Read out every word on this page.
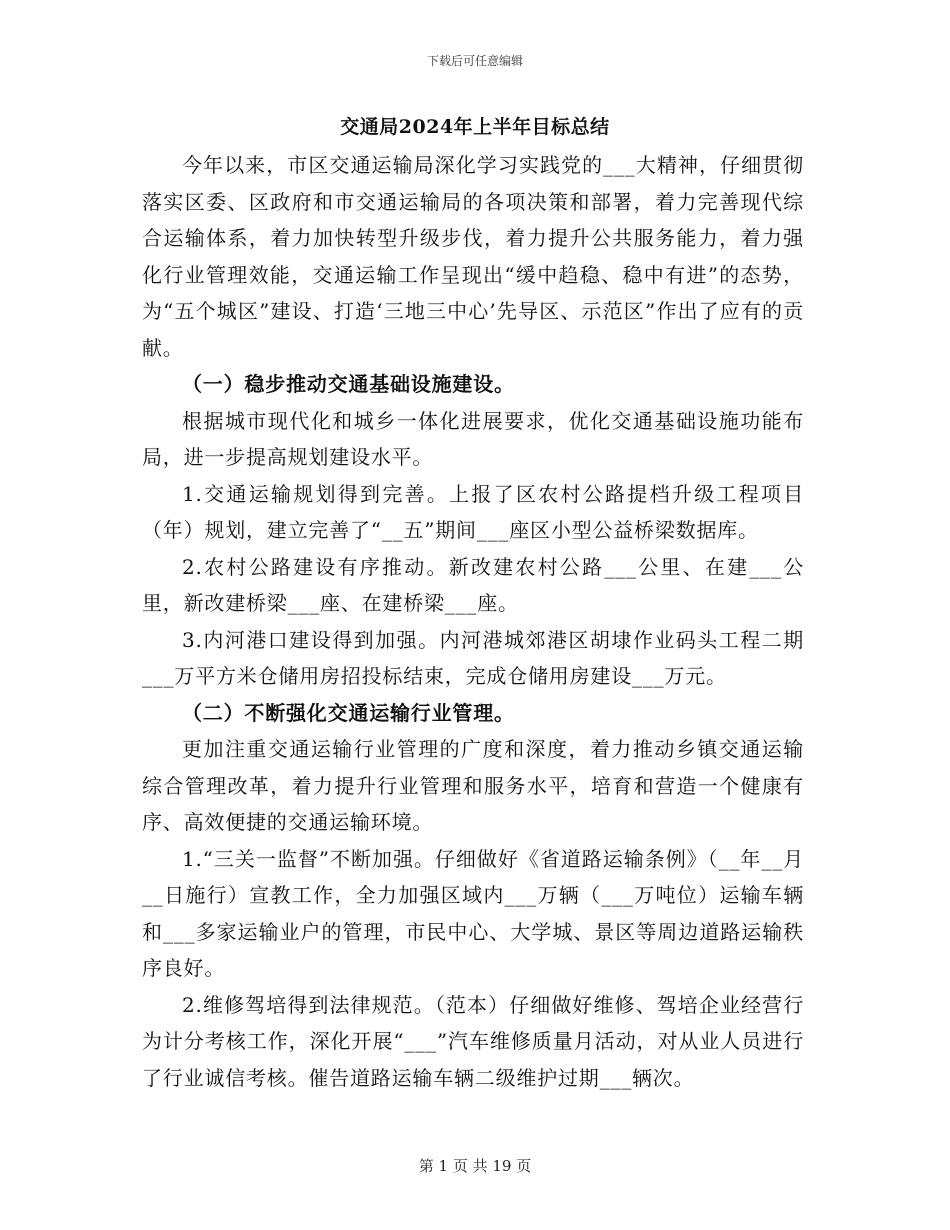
下载后可任意编辑
交通局2024年上半年目标总结

今年以来，市区交通运输局深化学习实践党的___大精神，仔细贯彻落实区委、区政府和市交通运输局的各项决策和部署，着力完善现代综合运输体系，着力加快转型升级步伐，着力提升公共服务能力，着力强化行业管理效能，交通运输工作呈现出“缓中趋稳、稳中有进”的态势，为“五个城区”建设、打造‘三地三中心’先导区、示范区”作出了应有的贡献。

（一）稳步推动交通基础设施建设。

根据城市现代化和城乡一体化进展要求，优化交通基础设施功能布局，进一步提高规划建设水平。

1.交通运输规划得到完善。上报了区农村公路提档升级工程项目（年）规划，建立完善了“__五”期间___座区小型公益桥梁数据库。

2.农村公路建设有序推动。新改建农村公路___公里、在建___公里，新改建桥梁___座、在建桥梁___座。

3.内河港口建设得到加强。内河港城郊港区胡埭作业码头工程二期___万平方米仓储用房招投标结束，完成仓储用房建设___万元。

（二）不断强化交通运输行业管理。

更加注重交通运输行业管理的广度和深度，着力推动乡镇交通运输综合管理改革，着力提升行业管理和服务水平，培育和营造一个健康有序、高效便捷的交通运输环境。

1.“三关一监督”不断加强。仔细做好《省道路运输条例》（__年__月__日施行）宣教工作，全力加强区域内___万辆（___万吨位）运输车辆和___多家运输业户的管理，市民中心、大学城、景区等周边道路运输秩序良好。

2.维修驾培得到法律规范。（范本）仔细做好维修、驾培企业经营行为计分考核工作，深化开展“___”汽车维修质量月活动，对从业人员进行了行业诚信考核。催告道路运输车辆二级维护过期___辆次。

第 1 页 共 19 页
